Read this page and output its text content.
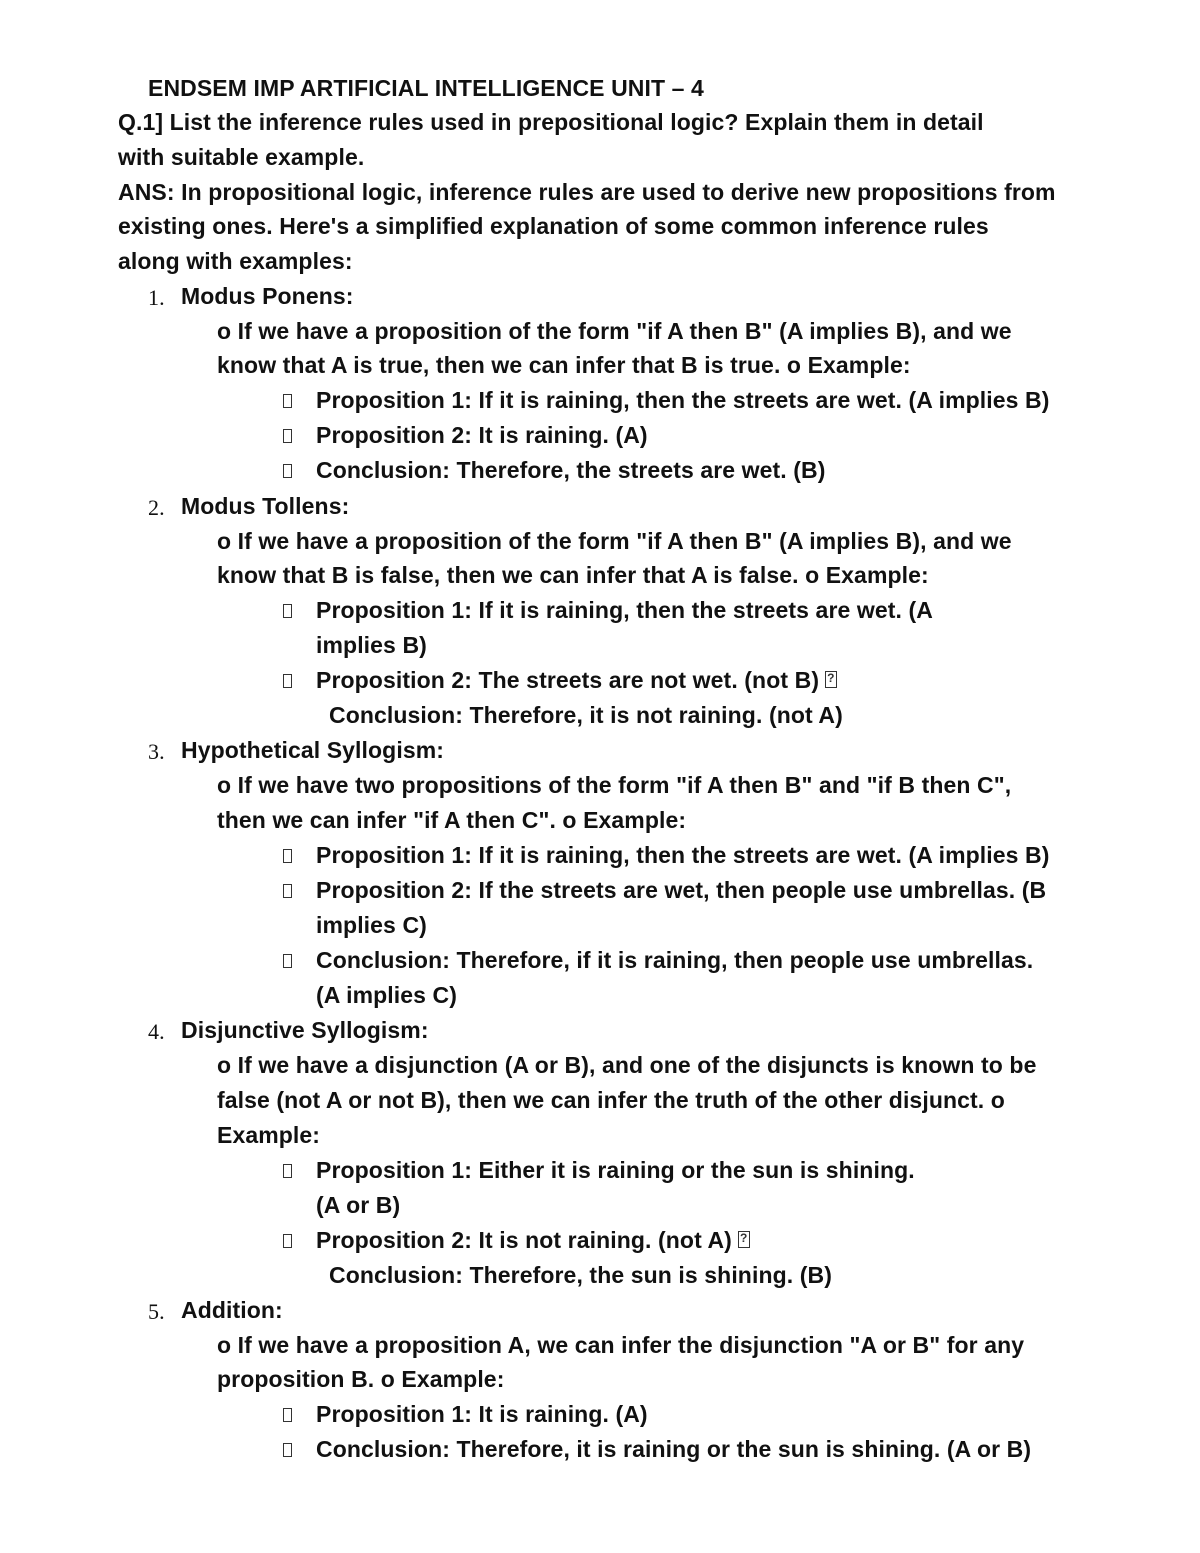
ENDSEM IMP ARTIFICIAL INTELLIGENCE UNIT – 4
Q.1] List the inference rules used in prepositional logic? Explain them in detail
with suitable example.
ANS: In propositional logic, inference rules are used to derive new propositions from
existing ones. Here's a simplified explanation of some common inference rules
along with examples:
1. Modus Ponens:
o If we have a proposition of the form "if A then B" (A implies B), and we
know that A is true, then we can infer that B is true. o Example:
Proposition 1: If it is raining, then the streets are wet. (A implies B)
Proposition 2: It is raining. (A)
Conclusion: Therefore, the streets are wet. (B)
2. Modus Tollens:
o If we have a proposition of the form "if A then B" (A implies B), and we
know that B is false, then we can infer that A is false. o Example:
Proposition 1: If it is raining, then the streets are wet. (A
implies B)
Proposition 2: The streets are not wet. (not B)?
Conclusion: Therefore, it is not raining. (not A)
3. Hypothetical Syllogism:
o If we have two propositions of the form "if A then B" and "if B then C",
then we can infer "if A then C". o Example:
Proposition 1: If it is raining, then the streets are wet. (A implies B)
Proposition 2: If the streets are wet, then people use umbrellas. (B
implies C)
Conclusion: Therefore, if it is raining, then people use umbrellas.
(A implies C)
4. Disjunctive Syllogism:
o If we have a disjunction (A or B), and one of the disjuncts is known to be
false (not A or not B), then we can infer the truth of the other disjunct. o
Example:
Proposition 1: Either it is raining or the sun is shining.
(A or B)
Proposition 2: It is not raining. (not A)?
Conclusion: Therefore, the sun is shining. (B)
5. Addition:
o If we have a proposition A, we can infer the disjunction "A or B" for any
proposition B. o Example:
Proposition 1: It is raining. (A)
Conclusion: Therefore, it is raining or the sun is shining. (A or B)
